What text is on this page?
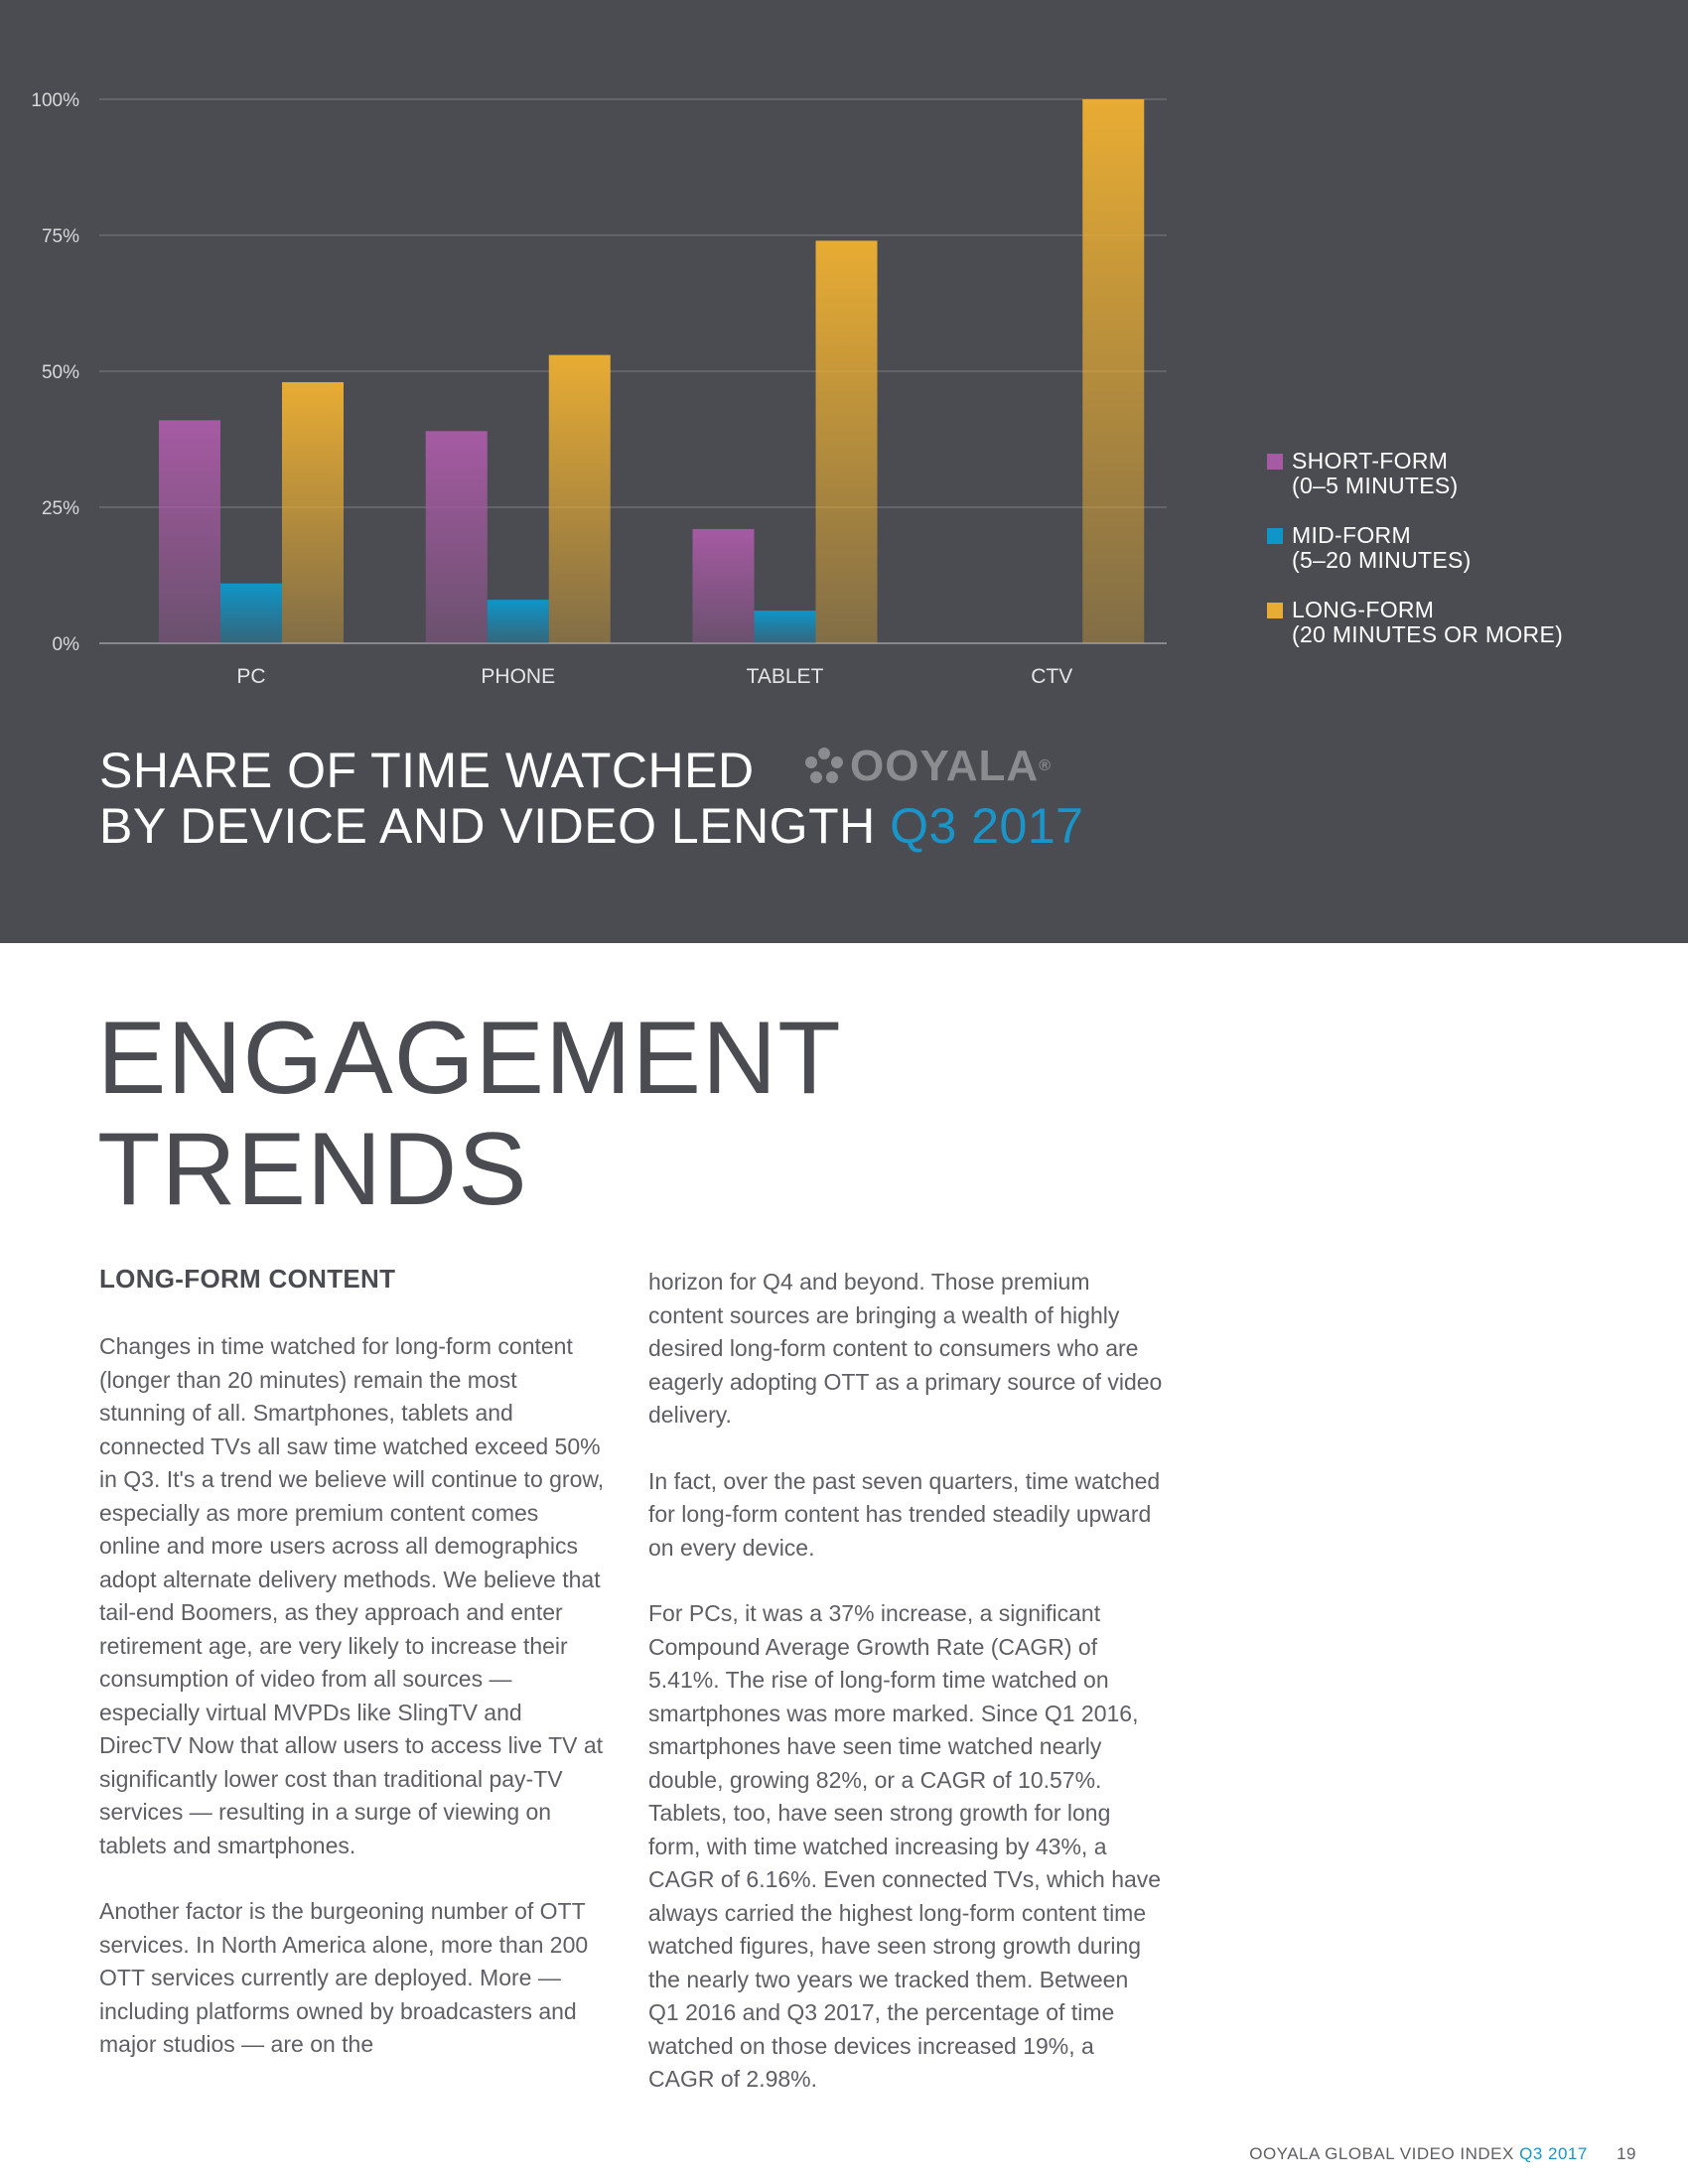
0%
25%
50%
75%
100%
PC	PHONE	TABLET	CTV
SHORT-FORM
(0–5 MINUTES)
MID-FORM
(5–20 MINUTES)
LONG-FORM
(20 MINUTES OR MORE)
SHARE OF TIME WATCHED
BY DEVICE AND VIDEO LENGTH Q3 2017
OOYALA®
ENGAGEMENT
TRENDS
LONG-FORM CONTENT

Changes in time watched for long-form content (longer than 20 minutes) remain the most stunning of all. Smartphones, tablets and connected TVs all saw time watched exceed 50% in Q3. It's a trend we believe will continue to grow, especially as more premium content comes online and more users across all demographics adopt alternate delivery methods. We believe that tail-end Boomers, as they approach and enter retirement age, are very likely to increase their consumption of video from all sources — especially virtual MVPDs like SlingTV and DirecTV Now that allow users to access live TV at significantly lower cost than traditional pay-TV services — resulting in a surge of viewing on tablets and smartphones.

Another factor is the burgeoning number of OTT services. In North America alone, more than 200 OTT services currently are deployed. More — including platforms owned by broadcasters and major studios — are on the

horizon for Q4 and beyond. Those premium content sources are bringing a wealth of highly desired long-form content to consumers who are eagerly adopting OTT as a primary source of video delivery.

In fact, over the past seven quarters, time watched for long-form content has trended steadily upward on every device.

For PCs, it was a 37% increase, a significant Compound Average Growth Rate (CAGR) of 5.41%. The rise of long-form time watched on smartphones was more marked. Since Q1 2016, smartphones have seen time watched nearly double, growing 82%, or a CAGR of 10.57%. Tablets, too, have seen strong growth for long form, with time watched increasing by 43%, a CAGR of 6.16%. Even connected TVs, which have always carried the highest long-form content time watched figures, have seen strong growth during the nearly two years we tracked them. Between Q1 2016 and Q3 2017, the percentage of time watched on those devices increased 19%, a CAGR of 2.98%.

OOYALA GLOBAL VIDEO INDEX Q3 2017 19
